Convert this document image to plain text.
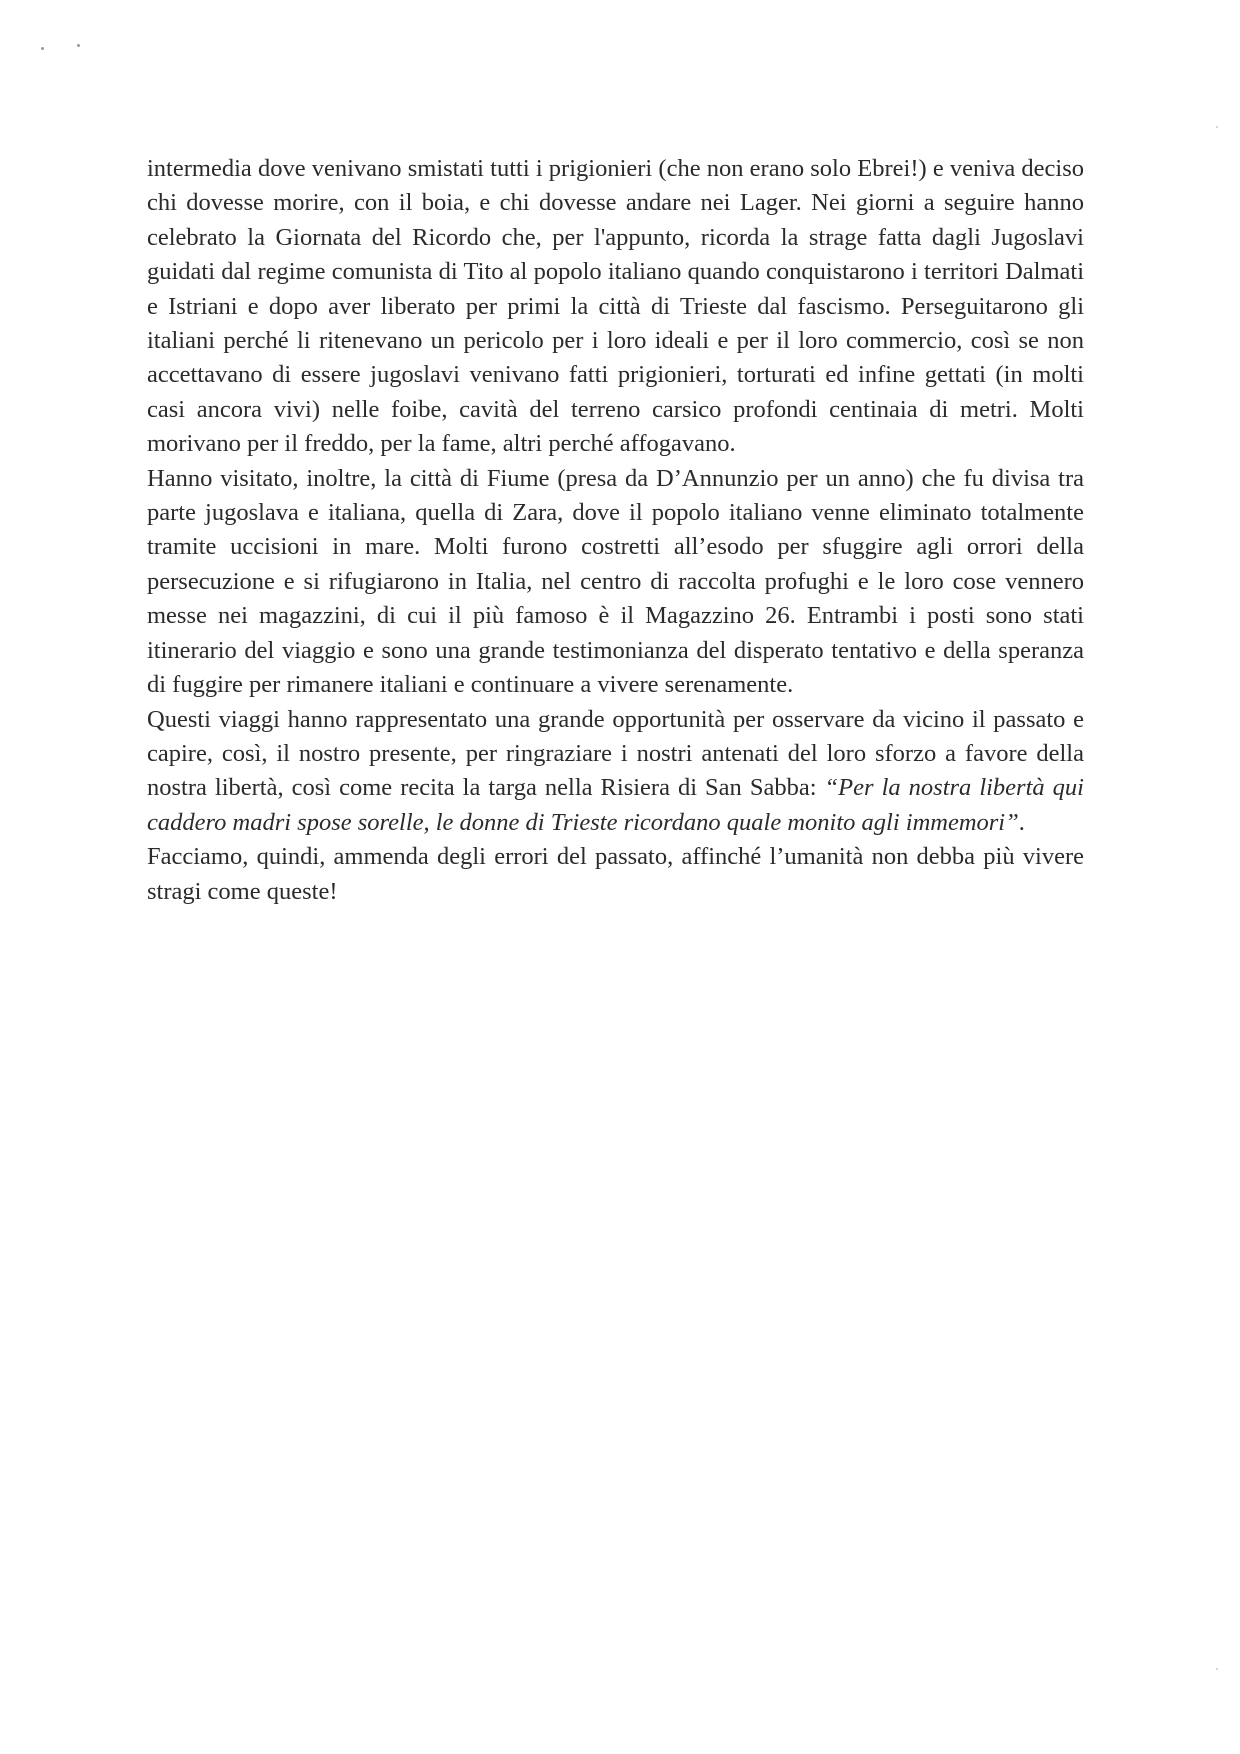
intermedia dove venivano smistati tutti i prigionieri (che non erano solo Ebrei!) e veniva deciso chi dovesse morire, con il boia, e chi dovesse andare nei Lager. Nei giorni a seguire hanno celebrato la Giornata del Ricordo che, per l'appunto, ricorda la strage fatta dagli Jugoslavi guidati dal regime comunista di Tito al popolo italiano quando conquistarono i territori Dalmati e Istriani e dopo aver liberato per primi la città di Trieste dal fascismo. Perseguitarono gli italiani perché li ritenevano un pericolo per i loro ideali e per il loro commercio, così se non accettavano di essere jugoslavi venivano fatti prigionieri, torturati ed infine gettati (in molti casi ancora vivi) nelle foibe, cavità del terreno carsico profondi centinaia di metri. Molti morivano per il freddo, per la fame, altri perché affogavano.

Hanno visitato, inoltre, la città di Fiume (presa da D’Annunzio per un anno) che fu divisa tra parte jugoslava e italiana, quella di Zara, dove il popolo italiano venne eliminato totalmente tramite uccisioni in mare. Molti furono costretti all’esodo per sfuggire agli orrori della persecuzione e si rifugiarono in Italia, nel centro di raccolta profughi e le loro cose vennero messe nei magazzini, di cui il più famoso è il Magazzino 26. Entrambi i posti sono stati itinerario del viaggio e sono una grande testimonianza del disperato tentativo e della speranza di fuggire per rimanere italiani e continuare a vivere serenamente.

Questi viaggi hanno rappresentato una grande opportunità per osservare da vicino il passato e capire, così, il nostro presente, per ringraziare i nostri antenati del loro sforzo a favore della nostra libertà, così come recita la targa nella Risiera di San Sabba: “Per la nostra libertà qui caddero madri spose sorelle, le donne di Trieste ricordano quale monito agli immemori”.

Facciamo, quindi, ammenda degli errori del passato, affinché l’umanità non debba più vivere stragi come queste!
